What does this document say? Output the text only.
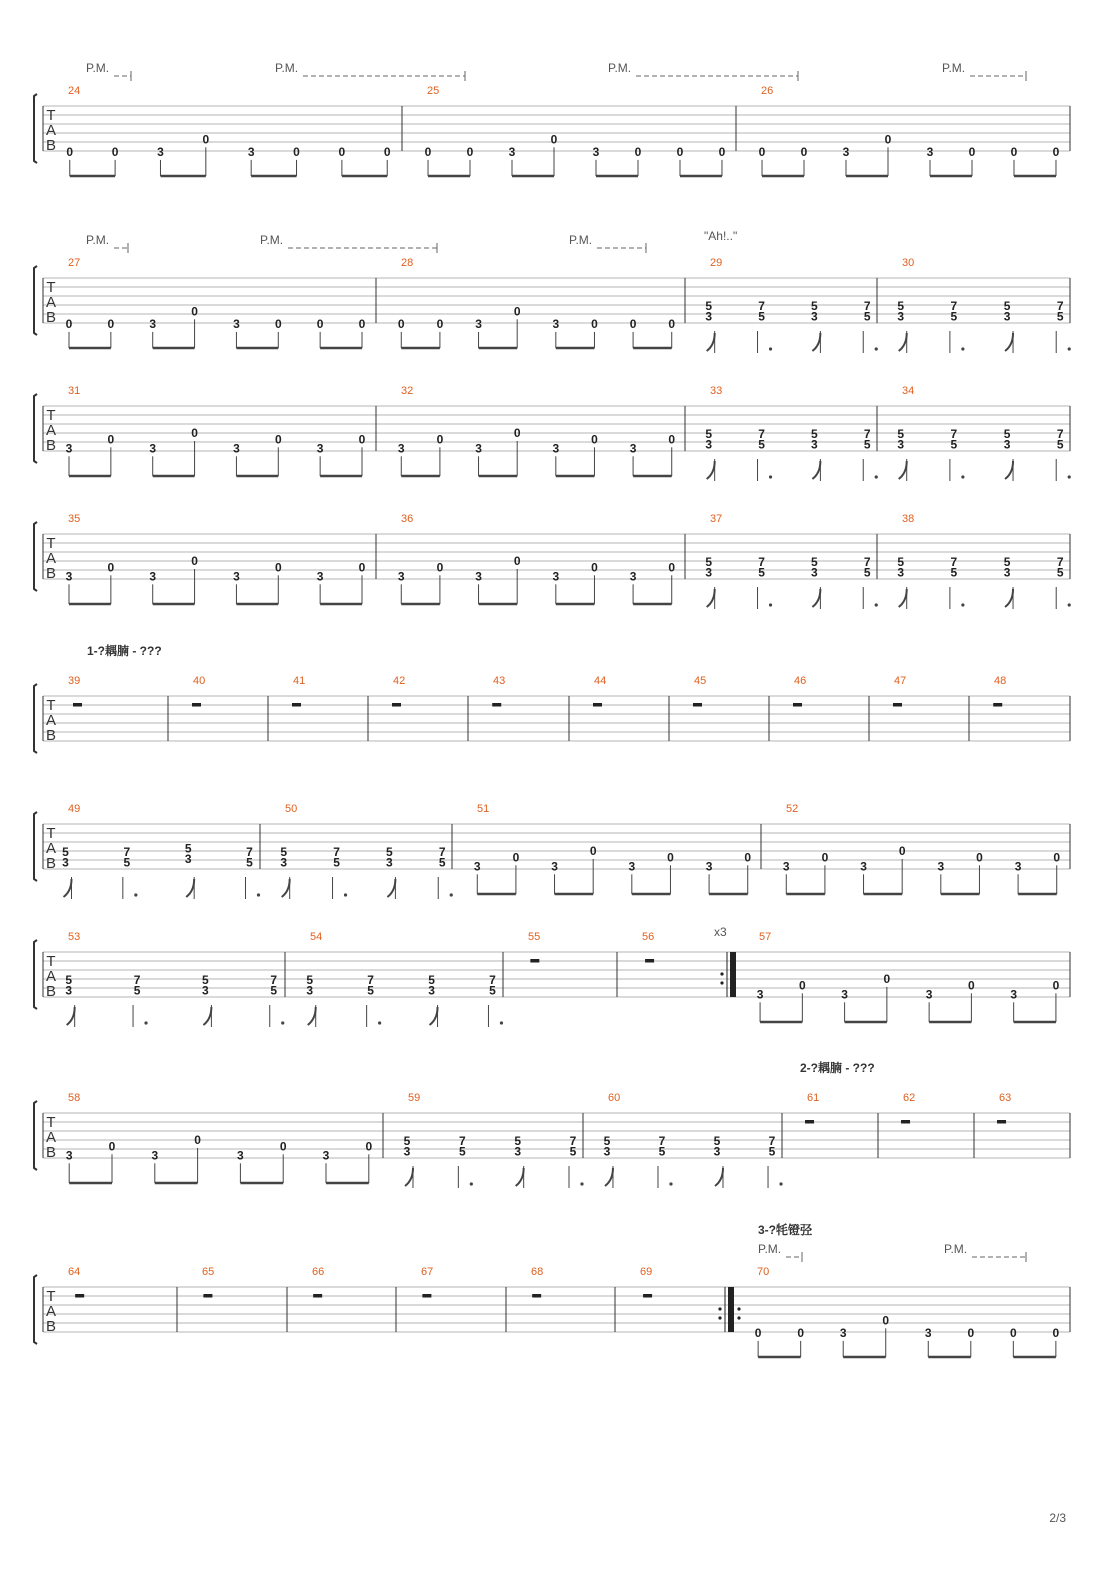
T
A
B
24
0	0	3
0
3	0	0	0
25
0	0	3
0
3	0	0	0
26
0	0	3
0
3	0	0	0
T
A
B
27
0	0	3
0
3	0	0	0
28
0	0	3
0
3	0	0	0
29
5
3
7
5
5
3
7
5
30
5
3
7
5
5
3
7
5
T
A
B
31
3
0
3
0
3
0
3
0
32
3
0
3
0
3
0
3
0
33
5
3
7
5
5
3
7
5
34
5
3
7
5
5
3
7
5
T
A
B
35
3
0
3
0
3
0
3
0
36
3
0
3
0
3
0
3
0
37
5
3
7
5
5
3
7
5
38
5
3
7
5
5
3
7
5
T
A
B
39	40	41	42	43	44	45	46	47	48
T
A
B
49
5
3
7
5
5
3
7
5
50
5
3
7
5
5
3
7
5
51
3
0
3
0
3
0
3
0
52
3
0
3
0
3
0
3
0
T
A
B
53
5
3
7
5
5
3
7
5
54
5
3
7
5
5
3
7
5
55	56	57
3
0
3
0
3
0
3
0
T
A
B
58
3
0
3
0
3
0
3
0
59
5
3
7
5
5
3
7
5
60
5
3
7
5
5
3
7
5
61	62	63
T
A
B
64	65	66	67	68	69	70
0	0	3
0
3	0	0	0
x3
P.M.	P.M.	P.M.	P.M.
P.M.	P.M.	P.M.
P.M.	P.M.
"Ah!.."
1-?耦腩 - ???
2-?耦腩 - ???
3-?牦镫弪
2/3
